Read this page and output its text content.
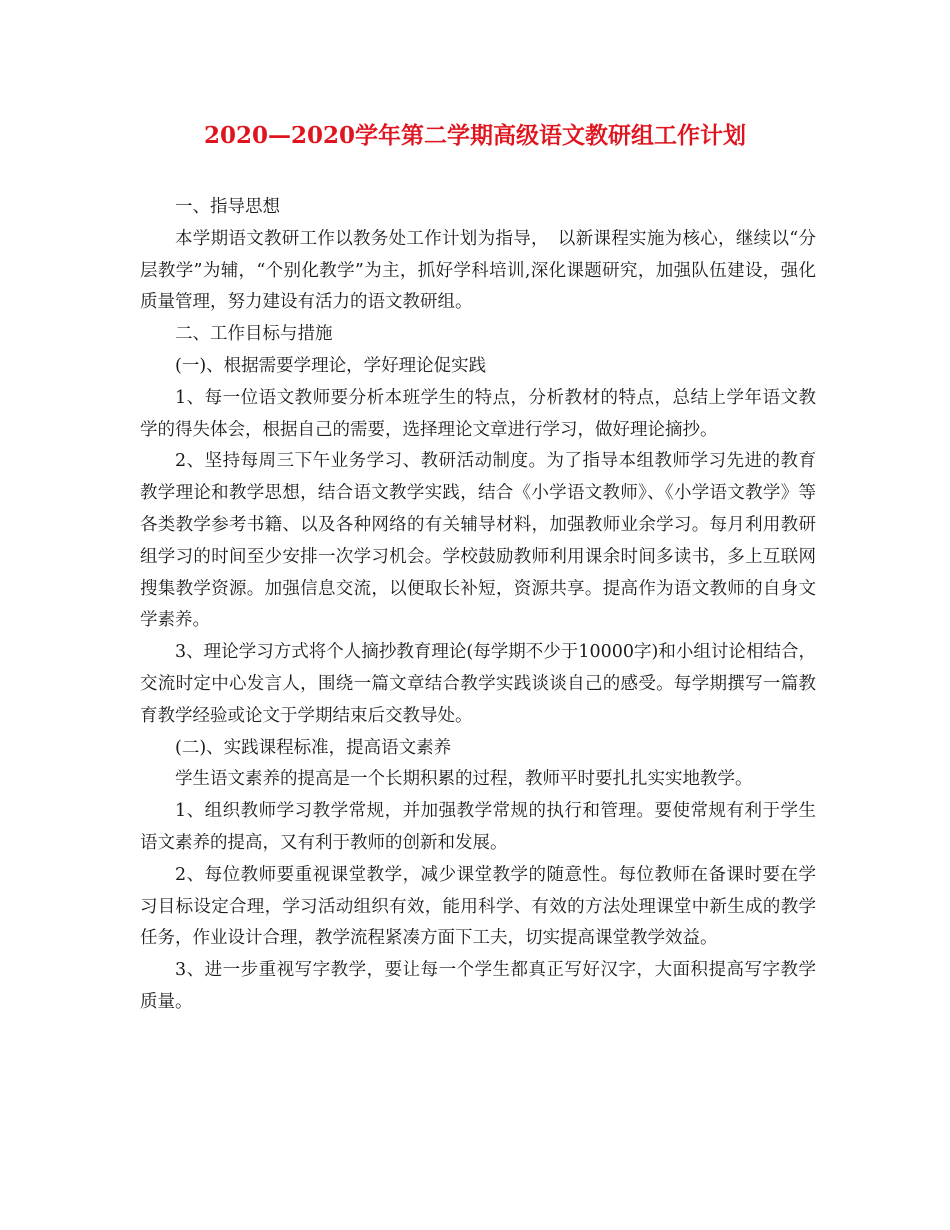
2020—2020学年第二学期高级语文教研组工作计划

一、指导思想

本学期语文教研工作以教务处工作计划为指导，　以新课程实施为核心，继续以“分层教学”为辅，“个别化教学”为主，抓好学科培训,深化课题研究，加强队伍建设，强化质量管理，努力建设有活力的语文教研组。

二、工作目标与措施

(一)、根据需要学理论，学好理论促实践

1、每一位语文教师要分析本班学生的特点，分析教材的特点，总结上学年语文教学的得失体会，根据自己的需要，选择理论文章进行学习，做好理论摘抄。

2、坚持每周三下午业务学习、教研活动制度。为了指导本组教师学习先进的教育教学理论和教学思想，结合语文教学实践，结合《小学语文教师》、《小学语文教学》等各类教学参考书籍、以及各种网络的有关辅导材料，加强教师业余学习。每月利用教研组学习的时间至少安排一次学习机会。学校鼓励教师利用课余时间多读书，多上互联网搜集教学资源。加强信息交流，以便取长补短，资源共享。提高作为语文教师的自身文学素养。

3、理论学习方式将个人摘抄教育理论(每学期不少于10000字)和小组讨论相结合，交流时定中心发言人，围绕一篇文章结合教学实践谈谈自己的感受。每学期撰写一篇教育教学经验或论文于学期结束后交教导处。

(二)、实践课程标准，提高语文素养

学生语文素养的提高是一个长期积累的过程，教师平时要扎扎实实地教学。

1、组织教师学习教学常规，并加强教学常规的执行和管理。要使常规有利于学生语文素养的提高，又有利于教师的创新和发展。

2、每位教师要重视课堂教学，减少课堂教学的随意性。每位教师在备课时要在学习目标设定合理，学习活动组织有效，能用科学、有效的方法处理课堂中新生成的教学任务，作业设计合理，教学流程紧凑方面下工夫，切实提高课堂教学效益。

3、进一步重视写字教学，要让每一个学生都真正写好汉字，大面积提高写字教学质量。
